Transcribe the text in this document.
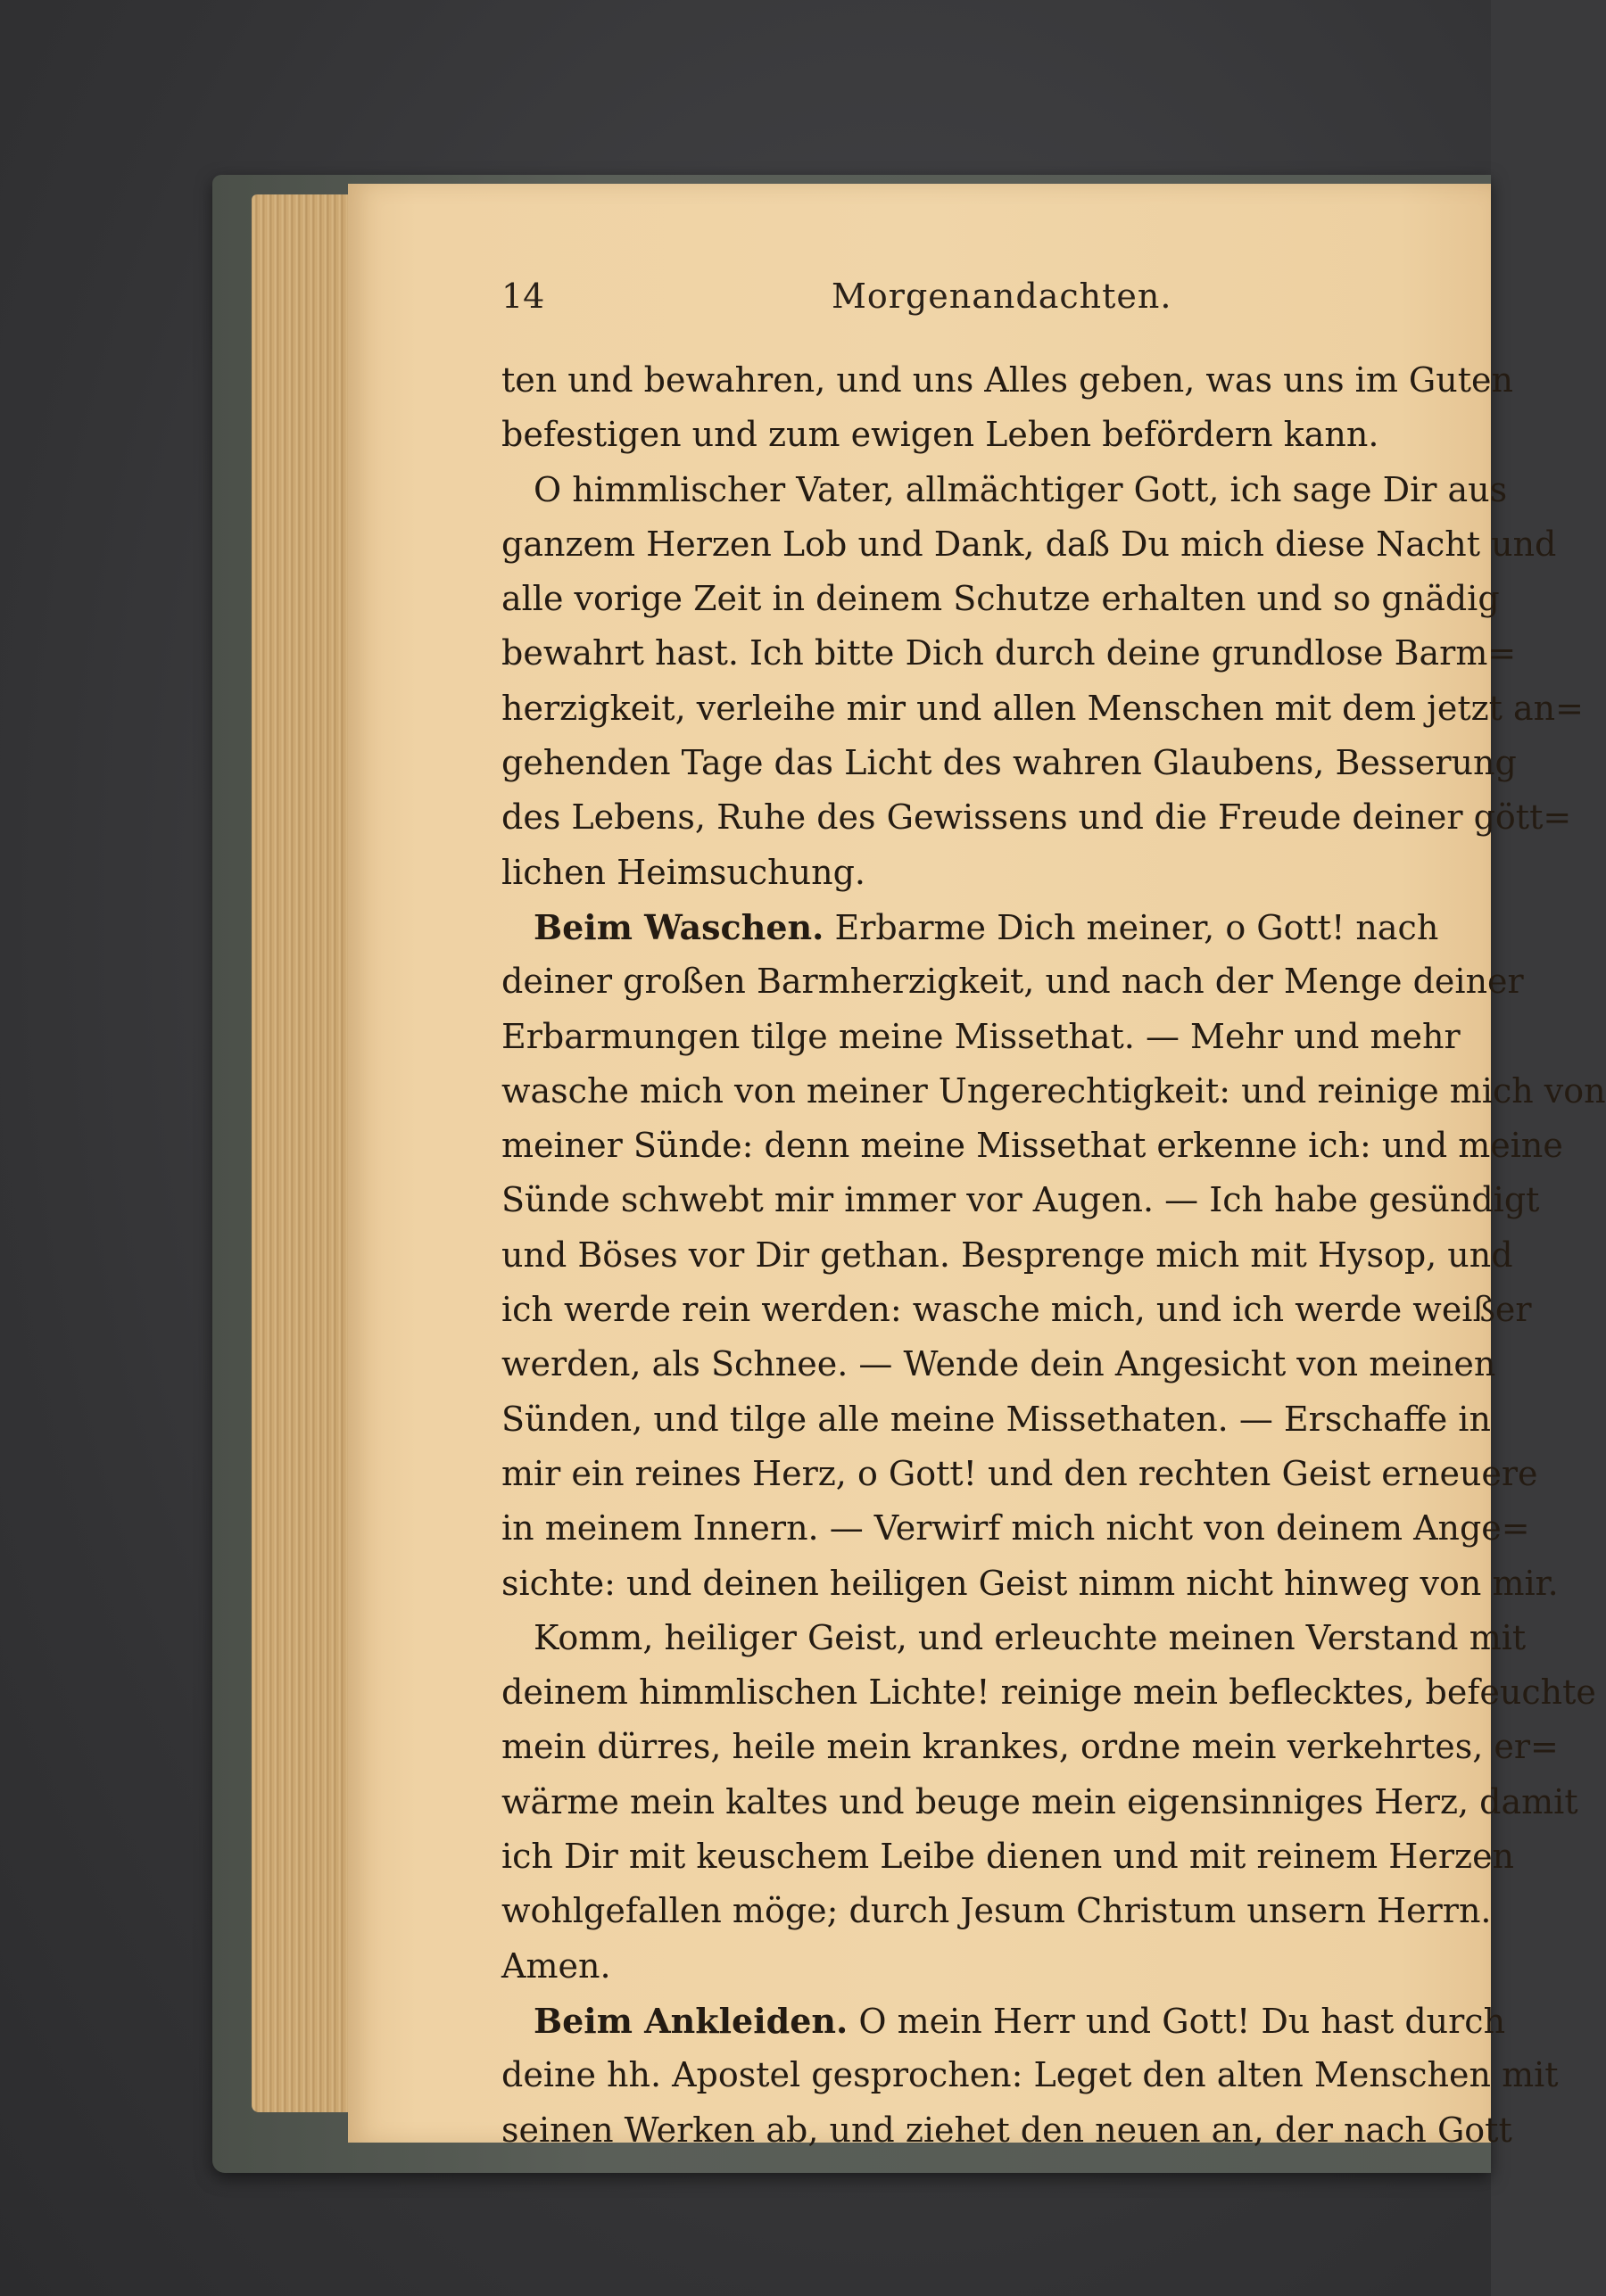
14	Morgenandachten.
ten und bewahren, und uns Alles geben, was uns im Guten
befestigen und zum ewigen Leben befördern kann.
O himmlischer Vater, allmächtiger Gott, ich sage Dir aus
ganzem Herzen Lob und Dank, daß Du mich diese Nacht und
alle vorige Zeit in deinem Schutze erhalten und so gnädig
bewahrt hast. Ich bitte Dich durch deine grundlose Barm=
herzigkeit, verleihe mir und allen Menschen mit dem jetzt an=
gehenden Tage das Licht des wahren Glaubens, Besserung
des Lebens, Ruhe des Gewissens und die Freude deiner gött=
lichen Heimsuchung.
Beim Waschen. Erbarme Dich meiner, o Gott! nach
deiner großen Barmherzigkeit, und nach der Menge deiner
Erbarmungen tilge meine Missethat. — Mehr und mehr
wasche mich von meiner Ungerechtigkeit: und reinige mich von
meiner Sünde: denn meine Missethat erkenne ich: und meine
Sünde schwebt mir immer vor Augen. — Ich habe gesündigt
und Böses vor Dir gethan. Besprenge mich mit Hysop, und
ich werde rein werden: wasche mich, und ich werde weißer
werden, als Schnee. — Wende dein Angesicht von meinen
Sünden, und tilge alle meine Missethaten. — Erschaffe in
mir ein reines Herz, o Gott! und den rechten Geist erneuere
in meinem Innern. — Verwirf mich nicht von deinem Ange=
sichte: und deinen heiligen Geist nimm nicht hinweg von mir.
Komm, heiliger Geist, und erleuchte meinen Verstand mit
deinem himmlischen Lichte! reinige mein beflecktes, befeuchte
mein dürres, heile mein krankes, ordne mein verkehrtes, er=
wärme mein kaltes und beuge mein eigensinniges Herz, damit
ich Dir mit keuschem Leibe dienen und mit reinem Herzen
wohlgefallen möge; durch Jesum Christum unsern Herrn.
Amen.
Beim Ankleiden. O mein Herr und Gott! Du hast durch
deine hh. Apostel gesprochen: Leget den alten Menschen mit
seinen Werken ab, und ziehet den neuen an, der nach Gott
